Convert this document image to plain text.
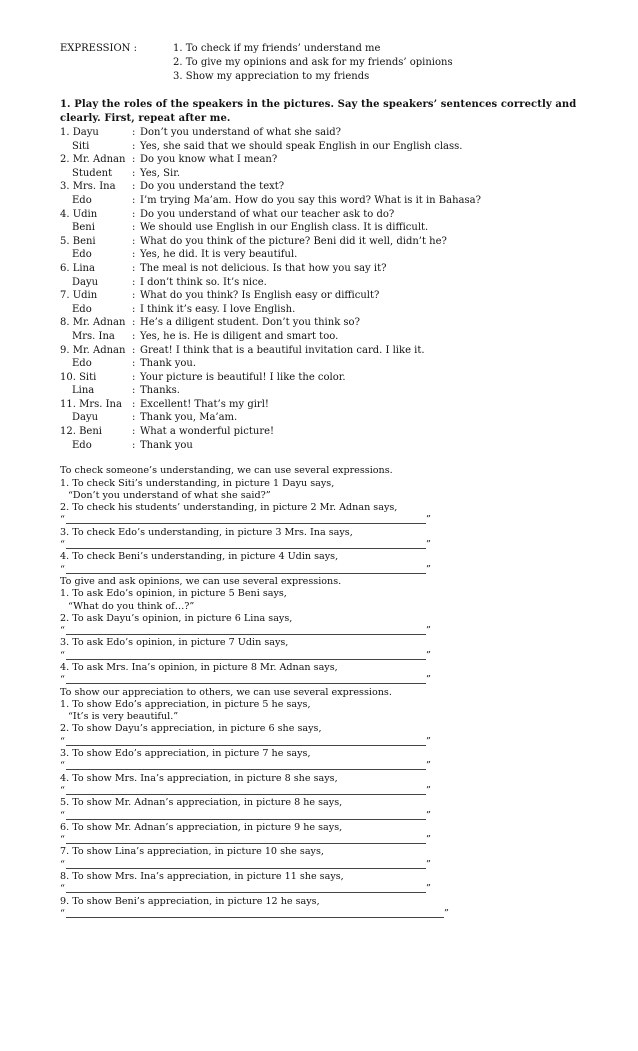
EXPRESSION :	1. To check if my friends’ understand me
2. To give my opinions and ask for my friends’ opinions
3. Show my appreciation to my friends
1. Play the roles of the speakers in the pictures. Say the speakers’ sentences correctly and clearly. First, repeat after me.
1. Dayu	: Don’t you understand of what she said?
Siti	: Yes, she said that we should speak English in our English class.
2. Mr. Adnan : Do you know what I mean?
Student	: Yes, Sir.
3. Mrs. Ina	: Do you understand the text?
Edo	: I’m trying Ma’am. How do you say this word? What is it in Bahasa?
4. Udin	: Do you understand of what our teacher ask to do?
Beni	: We should use English in our English class. It is difficult.
5. Beni	: What do you think of the picture? Beni did it well, didn’t he?
Edo	: Yes, he did. It is very beautiful.
6. Lina	: The meal is not delicious. Is that how you say it?
Dayu	: I don’t think so. It’s nice.
7. Udin	: What do you think? Is English easy or difficult?
Edo	: I think it’s easy. I love English.
8. Mr. Adnan : He’s a diligent student. Don’t you think so?
Mrs. Ina	: Yes, he is. He is diligent and smart too.
9. Mr. Adnan : Great! I think that is a beautiful invitation card. I like it.
Edo	: Thank you.
10. Siti	: Your picture is beautiful! I like the color.
Lina	: Thanks.
11. Mrs. Ina	: Excellent! That’s my girl!
Dayu	: Thank you, Ma’am.
12. Beni	: What a wonderful picture!
Edo	: Thank you
To check someone’s understanding, we can use several expressions.
1. To check Siti’s understanding, in picture 1 Dayu says,
“Don’t you understand of what she said?”
2. To check his students’ understanding, in picture 2 Mr. Adnan says,
“	”
3. To check Edo’s understanding, in picture 3 Mrs. Ina says,
“	”
4. To check Beni’s understanding, in picture 4 Udin says,
“	”
To give and ask opinions, we can use several expressions.
1. To ask Edo’s opinion, in picture 5 Beni says,
“What do you think of…?”
2. To ask Dayu’s opinion, in picture 6 Lina says,
“	”
3. To ask Edo’s opinion, in picture 7 Udin says,
“	”
4. To ask Mrs. Ina’s opinion, in picture 8 Mr. Adnan says,
“	”
To show our appreciation to others, we can use several expressions.
1. To show Edo’s appreciation, in picture 5 he says,
“It’s is very beautiful.”
2. To show Dayu’s appreciation, in picture 6 she says,
“	”
3. To show Edo’s appreciation, in picture 7 he says,
“	”
4. To show Mrs. Ina’s appreciation, in picture 8 she says,
“	”
5. To show Mr. Adnan’s appreciation, in picture 8 he says,
“	”
6. To show Mr. Adnan’s appreciation, in picture 9 he says,
“	”
7. To show Lina’s appreciation, in picture 10 she says,
“	”
8. To show Mrs. Ina’s appreciation, in picture 11 she says,
“	”
9. To show Beni’s appreciation, in picture 12 he says,
“	”
